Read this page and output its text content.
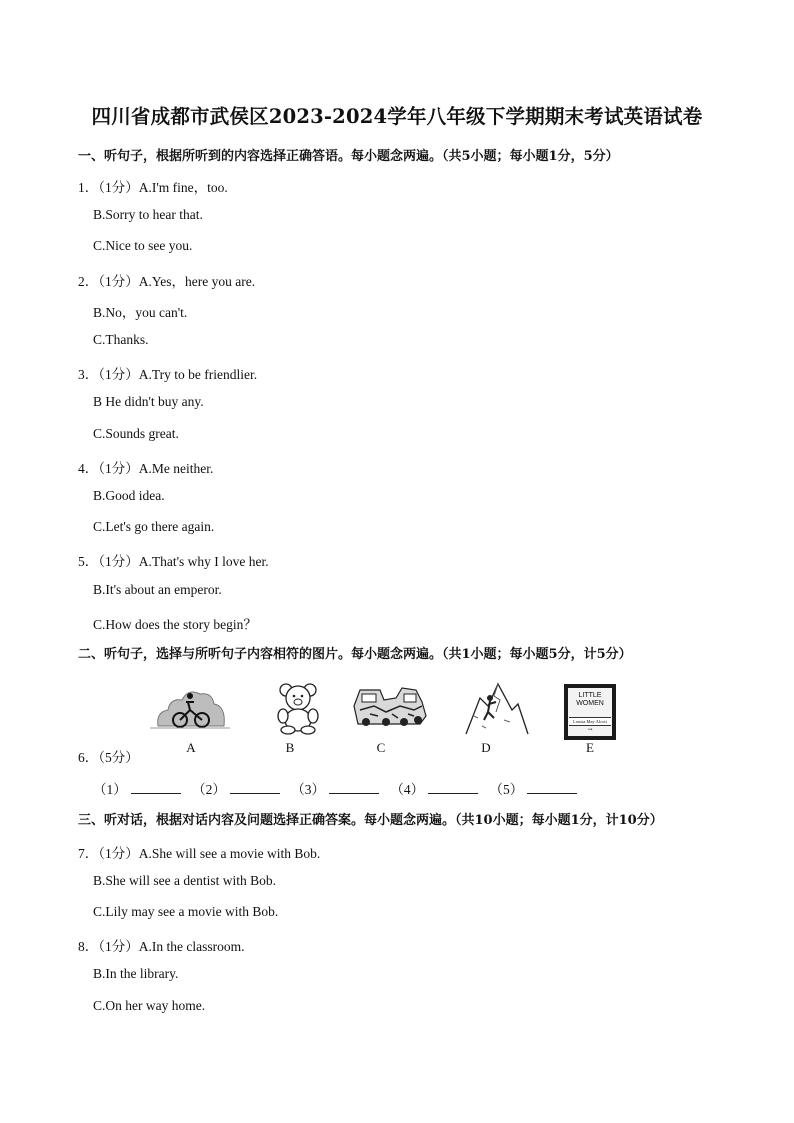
四川省成都市武侯区2023-2024学年八年级下学期期末考试英语试卷
一、听句子，根据所听到的内容选择正确答语。每小题念两遍。（共5小题；每小题1分，5分）
1．（1分）A.I'm fine，too.
B.Sorry to hear that.
C.Nice to see you.
2．（1分）A.Yes，here you are.
B.No，you can't.
C.Thanks.
3．（1分）A.Try to be friendlier.
B He didn't buy any.
C.Sounds great.
4．（1分）A.Me neither.
B.Good idea.
C.Let's go there again.
5．（1分）A.That's why I love her.
B.It's about an emperor.
C.How does the story begin？
二、听句子，选择与所听句子内容相符的图片。每小题念两遍。（共1小题；每小题5分，计5分）
A	B	C	D	E
LITTLE WOMEN
Louisa May Alcott
→
6．（5分）
（1）	（2）	（3）	（4）	（5）
三、听对话，根据对话内容及问题选择正确答案。每小题念两遍。（共10小题；每小题1分，计10分）
7．（1分）A.She will see a movie with Bob.
B.She will see a dentist with Bob.
C.Lily may see a movie with Bob.
8．（1分）A.In the classroom.
B.In the library.
C.On her way home.
